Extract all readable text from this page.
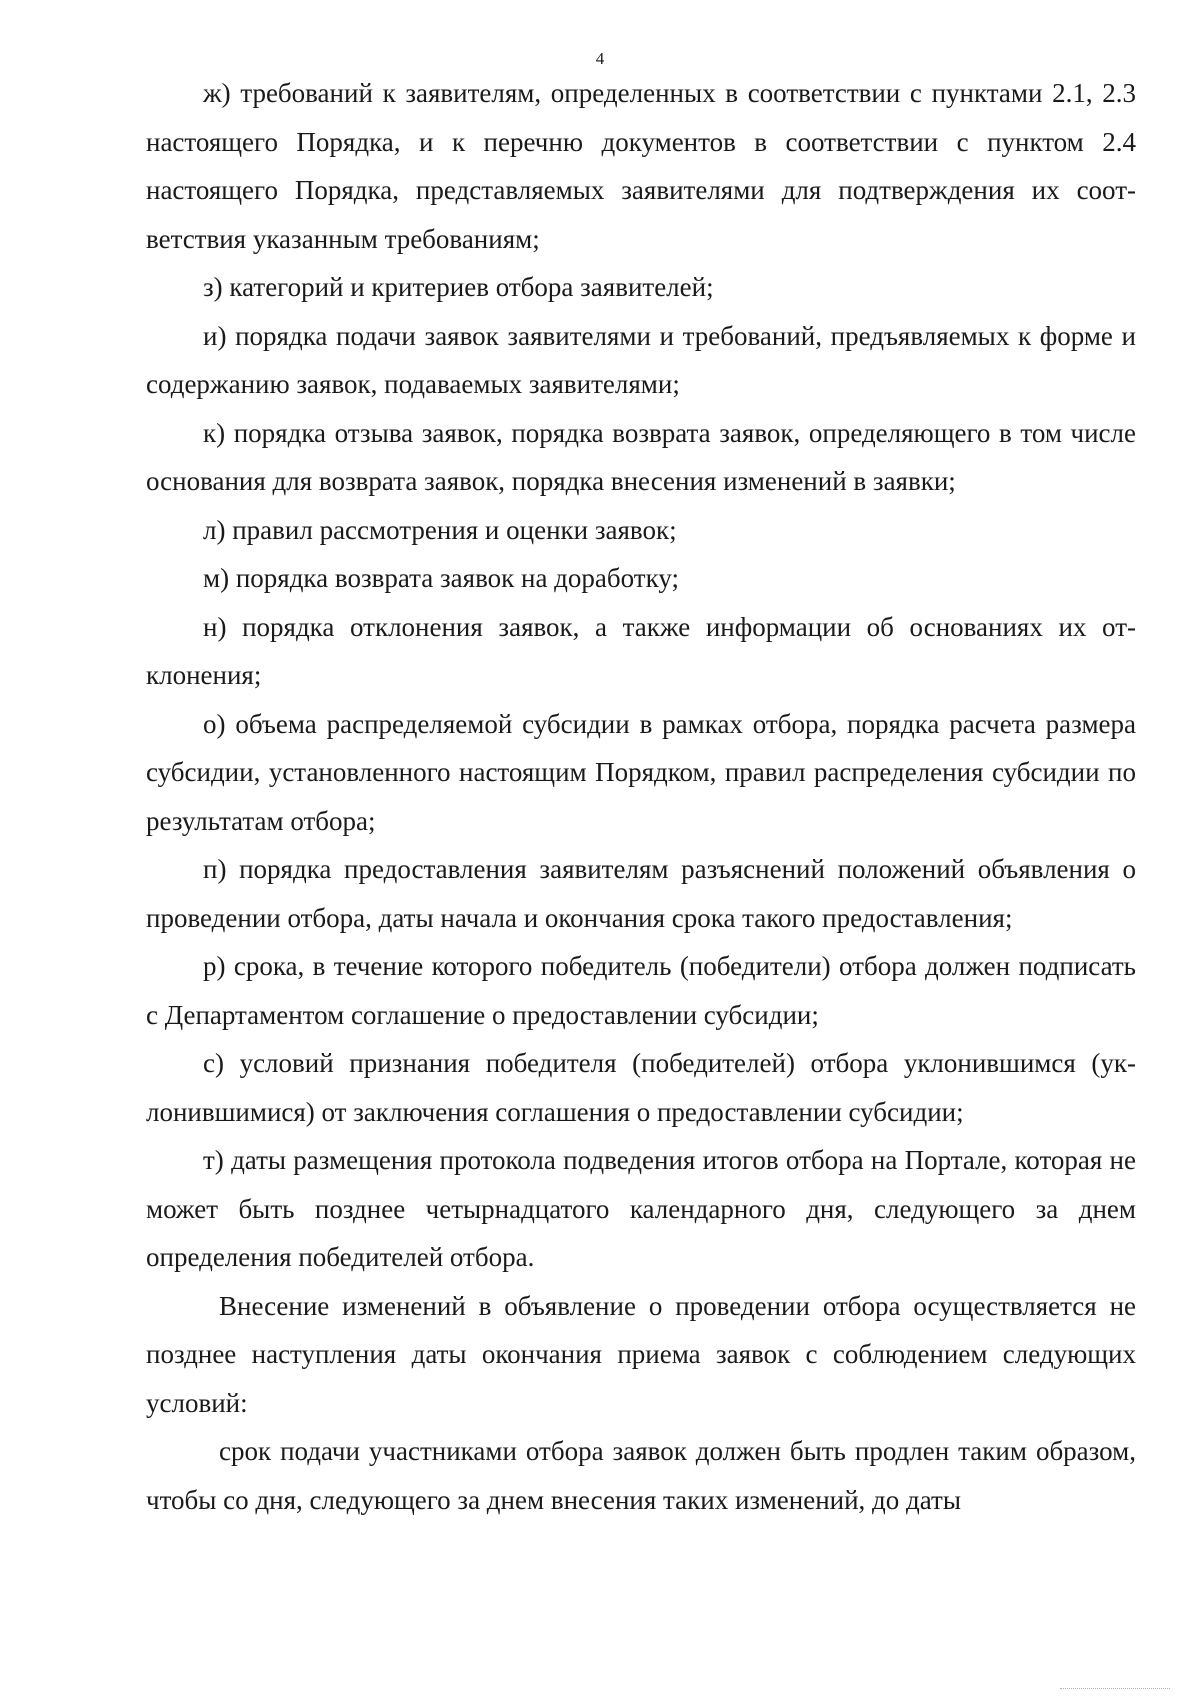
4

ж) требований к заявителям, определенных в соответствии с пунктами 2.1, 2.3 настоящего Порядка, и к перечню документов в соответствии с пунктом 2.4 настоящего Порядка, представляемых заявителями для подтверждения их соответствия указанным требованиям;

з) категорий и критериев отбора заявителей;

и) порядка подачи заявок заявителями и требований, предъявляемых к форме и содержанию заявок, подаваемых заявителями;

к) порядка отзыва заявок, порядка возврата заявок, определяющего в том числе основания для возврата заявок, порядка внесения изменений в заявки;

л) правил рассмотрения и оценки заявок;

м) порядка возврата заявок на доработку;

н) порядка отклонения заявок, а также информации об основаниях их отклонения;

о) объема распределяемой субсидии в рамках отбора, порядка расчета размера субсидии, установленного настоящим Порядком, правил распределения субсидии по результатам отбора;

п) порядка предоставления заявителям разъяснений положений объявления о проведении отбора, даты начала и окончания срока такого предоставления;

р) срока, в течение которого победитель (победители) отбора должен подписать с Департаментом соглашение о предоставлении субсидии;

с) условий признания победителя (победителей) отбора уклонившимся (уклонившимися) от заключения соглашения о предоставлении субсидии;

т) даты размещения протокола подведения итогов отбора на Портале, которая не может быть позднее четырнадцатого календарного дня, следующего за днем определения победителей отбора.

Внесение изменений в объявление о проведении отбора осуществляется не позднее наступления даты окончания приема заявок с соблюдением следующих условий:

срок подачи участниками отбора заявок должен быть продлен таким образом, чтобы со дня, следующего за днем внесения таких изменений, до даты
